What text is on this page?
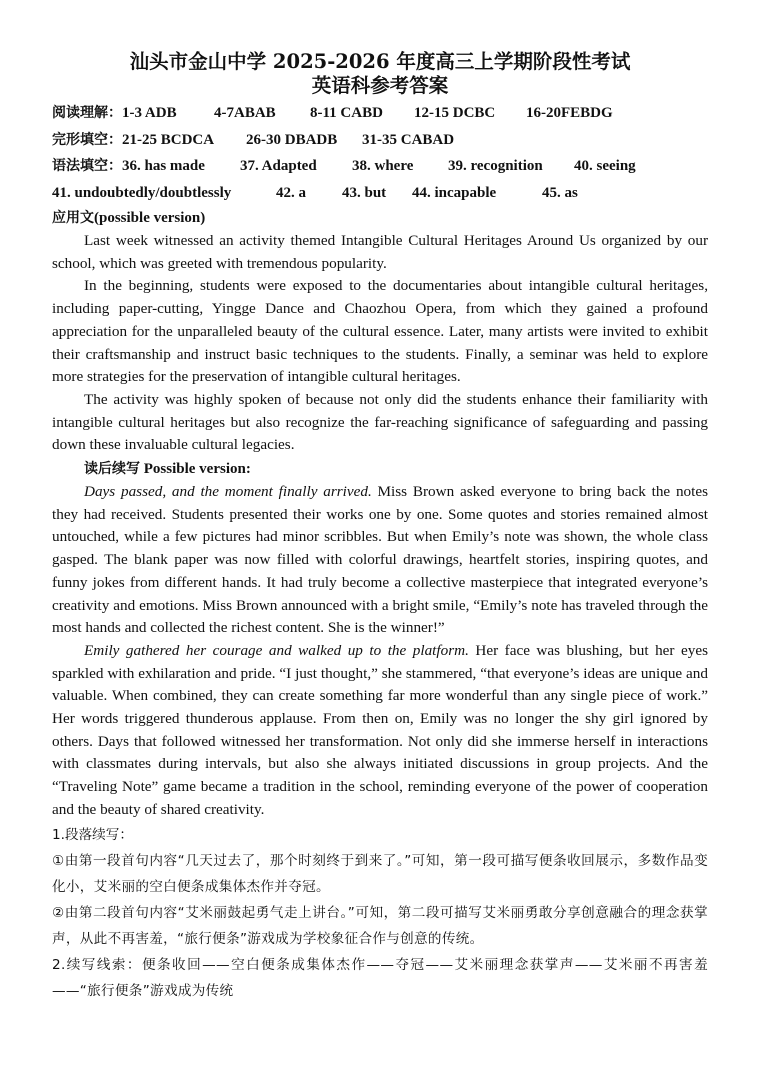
汕头市金山中学 2025-2026 年度高三上学期阶段性考试
英语科参考答案
阅读理解：1-3 ADB 4-7ABAB 8-11 CABD 12-15 DCBC 16-20FEBDG
完形填空：21-25 BCDCA 26-30 DBADB 31-35 CABAD
语法填空：36. has made 37. Adapted 38. where 39. recognition 40. seeing
41. undoubtedly/doubtlessly	42. a 43. but 44. incapable	45. as
应用文(possible version)

Last week witnessed an activity themed Intangible Cultural Heritages Around Us organized by our school, which was greeted with tremendous popularity.

In the beginning, students were exposed to the documentaries about intangible cultural heritages, including paper-cutting, Yingge Dance and Chaozhou Opera, from which they gained a profound appreciation for the unparalleled beauty of the cultural essence. Later, many artists were invited to exhibit their craftsmanship and instruct basic techniques to the students. Finally, a seminar was held to explore more strategies for the preservation of intangible cultural heritages.

The activity was highly spoken of because not only did the students enhance their familiarity with intangible cultural heritages but also recognize the far-reaching significance of safeguarding and passing down these invaluable cultural legacies.

读后续写 Possible version:

Days passed, and the moment finally arrived. Miss Brown asked everyone to bring back the notes they had received. Students presented their works one by one. Some quotes and stories remained almost untouched, while a few pictures had minor scribbles. But when Emily’s note was shown, the whole class gasped. The blank paper was now filled with colorful drawings, heartfelt stories, inspiring quotes, and funny jokes from different hands. It had truly become a collective masterpiece that integrated everyone’s creativity and emotions. Miss Brown announced with a bright smile, “Emily’s note has traveled through the most hands and collected the richest content. She is the winner!”

Emily gathered her courage and walked up to the platform. Her face was blushing, but her eyes sparkled with exhilaration and pride. “I just thought,” she stammered, “that everyone’s ideas are unique and valuable. When combined, they can create something far more wonderful than any single piece of work.” Her words triggered thunderous applause. From then on, Emily was no longer the shy girl ignored by others. Days that followed witnessed her transformation. Not only did she immerse herself in interactions with classmates during intervals, but also she always initiated discussions in group projects. And the “Traveling Note” game became a tradition in the school, reminding everyone of the power of cooperation and the beauty of shared creativity.

1.段落续写：

①由第一段首句内容“几天过去了，那个时刻终于到来了。”可知，第一段可描写便条收回展示，多数作品变化小，艾米丽的空白便条成集体杰作并夺冠。

②由第二段首句内容“艾米丽鼓起勇气走上讲台。”可知，第二段可描写艾米丽勇敢分享创意融合的理念获掌声，从此不再害羞，“旅行便条”游戏成为学校象征合作与创意的传统。

2.续写线索：便条收回——空白便条成集体杰作——夺冠——艾米丽理念获掌声——艾米丽不再害羞——“旅行便条”游戏成为传统
